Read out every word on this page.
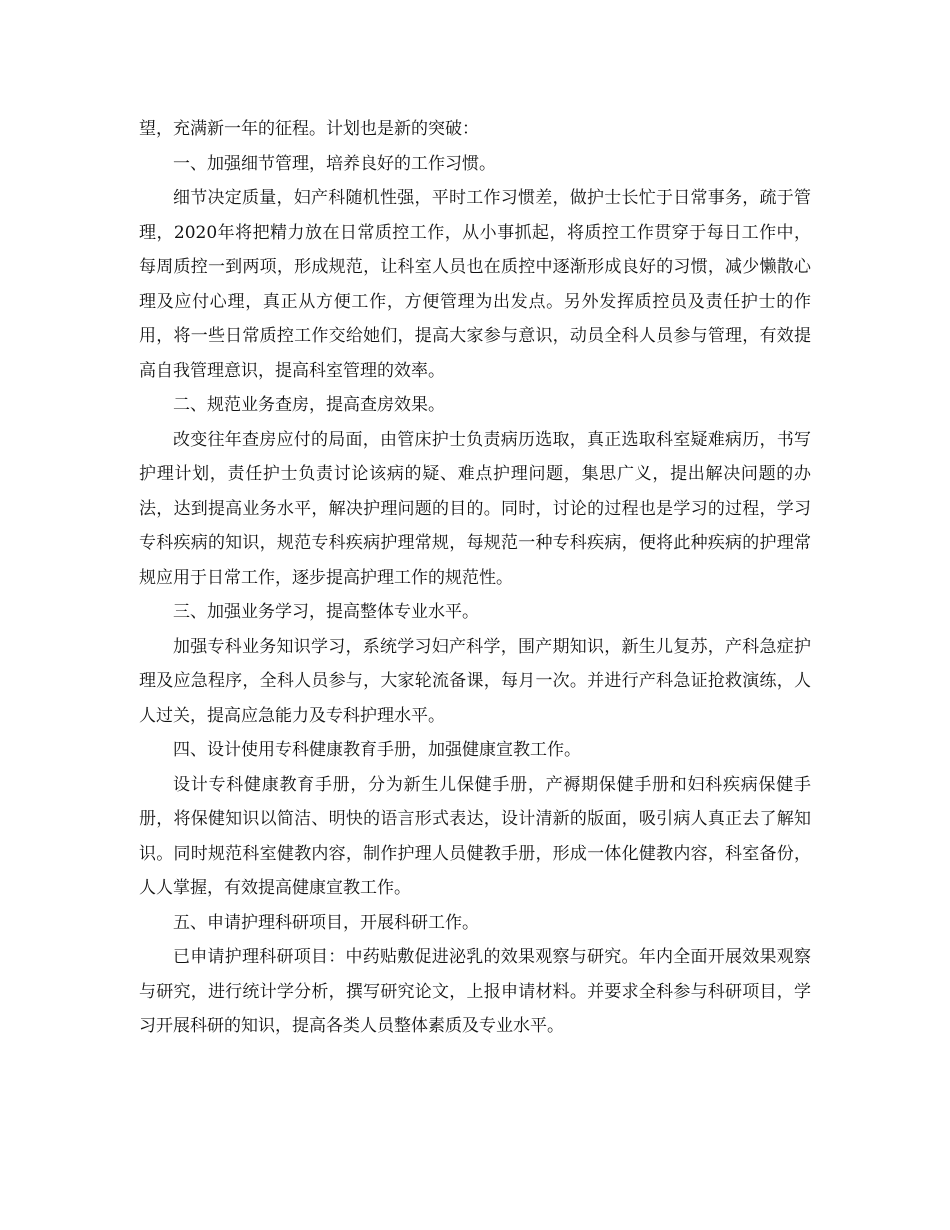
望，充满新一年的征程。计划也是新的突破：

一、加强细节管理，培养良好的工作习惯。

细节决定质量，妇产科随机性强，平时工作习惯差，做护士长忙于日常事务，疏于管理，2020年将把精力放在日常质控工作，从小事抓起，将质控工作贯穿于每日工作中，每周质控一到两项，形成规范，让科室人员也在质控中逐渐形成良好的习惯，减少懒散心理及应付心理，真正从方便工作，方便管理为出发点。另外发挥质控员及责任护士的作用，将一些日常质控工作交给她们，提高大家参与意识，动员全科人员参与管理，有效提高自我管理意识，提高科室管理的效率。

二、规范业务查房，提高查房效果。

改变往年查房应付的局面，由管床护士负责病历选取，真正选取科室疑难病历，书写护理计划，责任护士负责讨论该病的疑、难点护理问题，集思广义，提出解决问题的办法，达到提高业务水平，解决护理问题的目的。同时，讨论的过程也是学习的过程，学习专科疾病的知识，规范专科疾病护理常规，每规范一种专科疾病，便将此种疾病的护理常规应用于日常工作，逐步提高护理工作的规范性。

三、加强业务学习，提高整体专业水平。

加强专科业务知识学习，系统学习妇产科学，围产期知识，新生儿复苏，产科急症护理及应急程序，全科人员参与，大家轮流备课，每月一次。并进行产科急证抢救演练，人人过关，提高应急能力及专科护理水平。

四、设计使用专科健康教育手册，加强健康宣教工作。

设计专科健康教育手册，分为新生儿保健手册，产褥期保健手册和妇科疾病保健手册，将保健知识以简洁、明快的语言形式表达，设计清新的版面，吸引病人真正去了解知识。同时规范科室健教内容，制作护理人员健教手册，形成一体化健教内容，科室备份，人人掌握，有效提高健康宣教工作。

五、申请护理科研项目，开展科研工作。

已申请护理科研项目：中药贴敷促进泌乳的效果观察与研究。年内全面开展效果观察与研究，进行统计学分析，撰写研究论文，上报申请材料。并要求全科参与科研项目，学习开展科研的知识，提高各类人员整体素质及专业水平。
